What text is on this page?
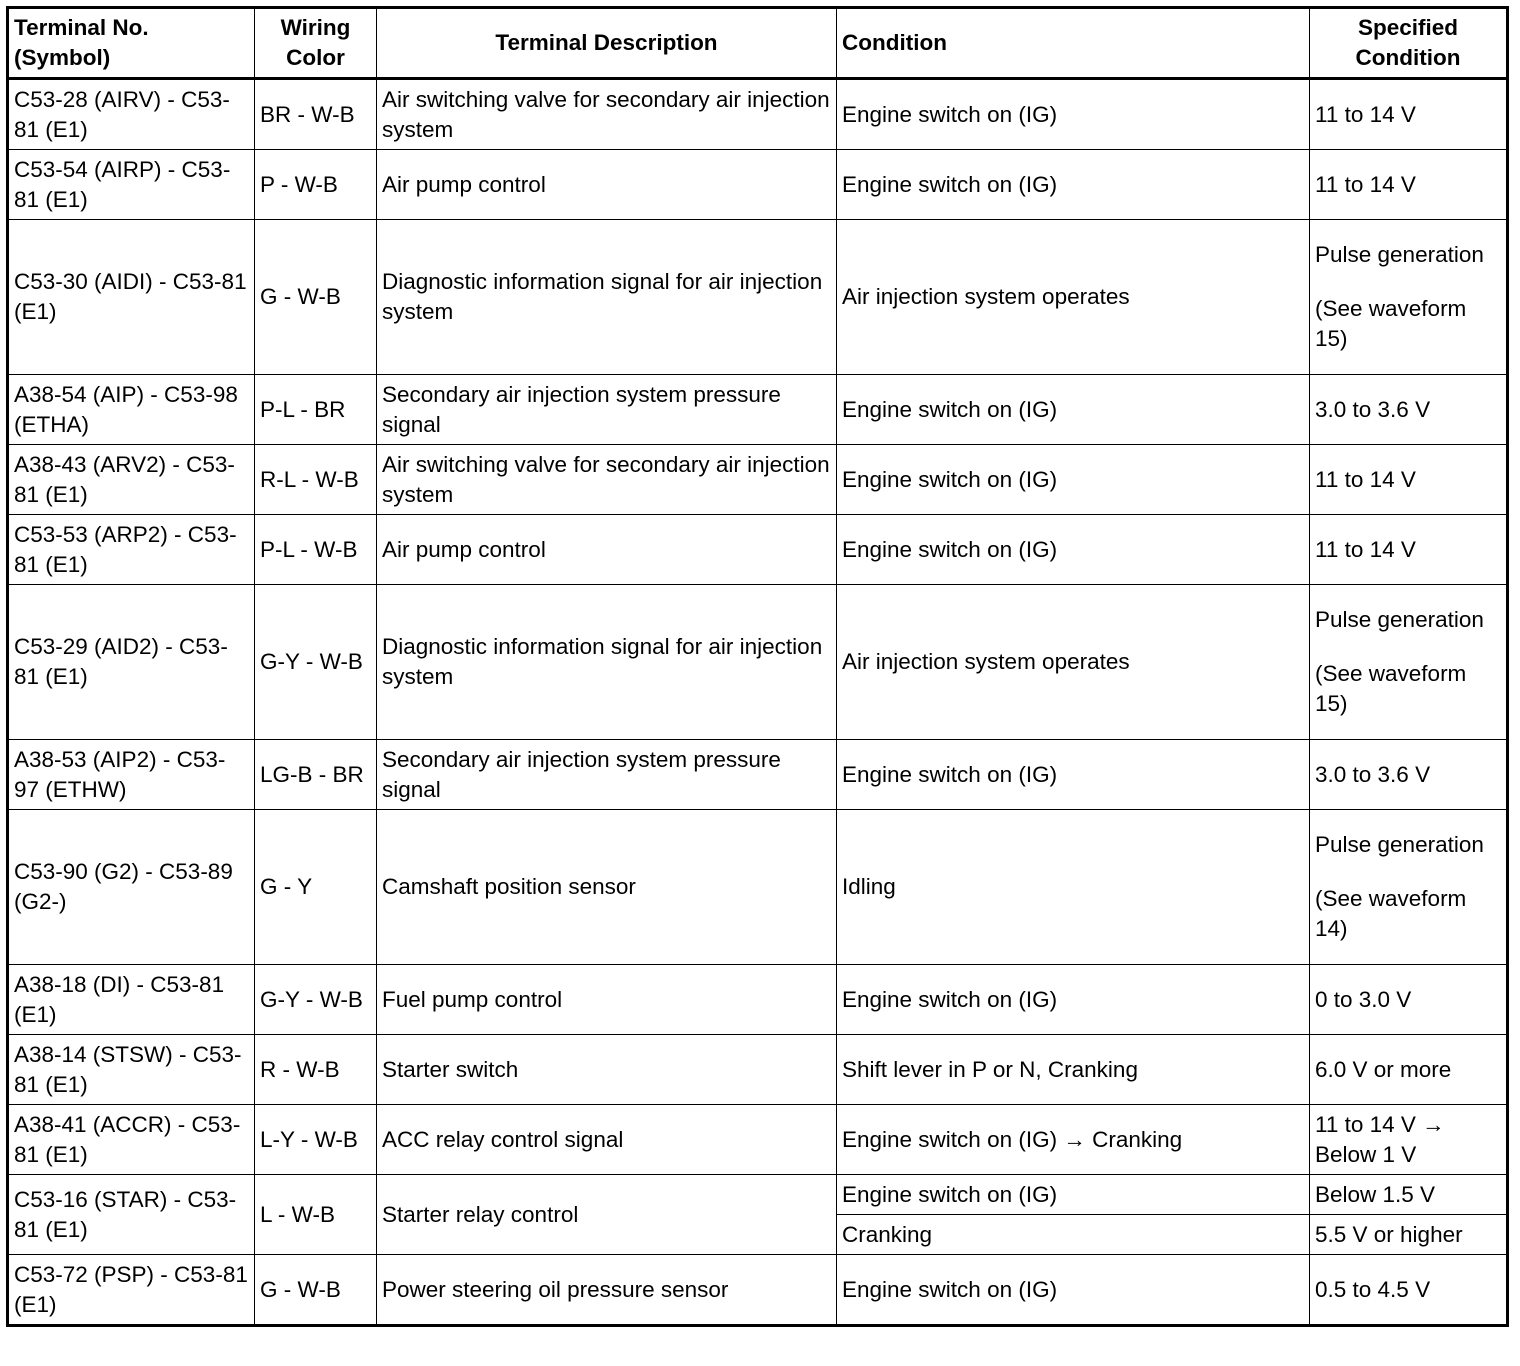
Terminal No. (Symbol)	Wiring Color	Terminal Description	Condition	Specified Condition
C53-28 (AIRV) - C53-81 (E1)	BR - W-B	Air switching valve for secondary air injection system	Engine switch on (IG)	11 to 14 V
C53-54 (AIRP) - C53-81 (E1)	P - W-B	Air pump control	Engine switch on (IG)	11 to 14 V
C53-30 (AIDI) - C53-81 (E1)	G - W-B	Diagnostic information signal for air injection system	Air injection system operates	Pulse generation

(See waveform 15)

A38-54 (AIP) - C53-98 (ETHA)	P-L - BR	Secondary air injection system pressure signal	Engine switch on (IG)	3.0 to 3.6 V
A38-43 (ARV2) - C53-81 (E1)	R-L - W-B	Air switching valve for secondary air injection system	Engine switch on (IG)	11 to 14 V
C53-53 (ARP2) - C53-81 (E1)	P-L - W-B	Air pump control	Engine switch on (IG)	11 to 14 V
C53-29 (AID2) - C53-81 (E1)	G-Y - W-B	Diagnostic information signal for air injection system	Air injection system operates	Pulse generation

(See waveform 15)

A38-53 (AIP2) - C53-97 (ETHW)	LG-B - BR	Secondary air injection system pressure signal	Engine switch on (IG)	3.0 to 3.6 V
C53-90 (G2) - C53-89 (G2-)	G - Y	Camshaft position sensor	Idling	Pulse generation

(See waveform 14)

A38-18 (DI) - C53-81 (E1)	G-Y - W-B	Fuel pump control	Engine switch on (IG)	0 to 3.0 V
A38-14 (STSW) - C53-81 (E1)	R - W-B	Starter switch	Shift lever in P or N, Cranking	6.0 V or more
A38-41 (ACCR) - C53-81 (E1)	L-Y - W-B	ACC relay control signal	Engine switch on (IG) → Cranking	11 to 14 V → Below 1 V
C53-16 (STAR) - C53-81 (E1)	L - W-B	Starter relay control	Engine switch on (IG)	Below 1.5 V
			Cranking	5.5 V or higher
C53-72 (PSP) - C53-81 (E1)	G - W-B	Power steering oil pressure sensor	Engine switch on (IG)	0.5 to 4.5 V
